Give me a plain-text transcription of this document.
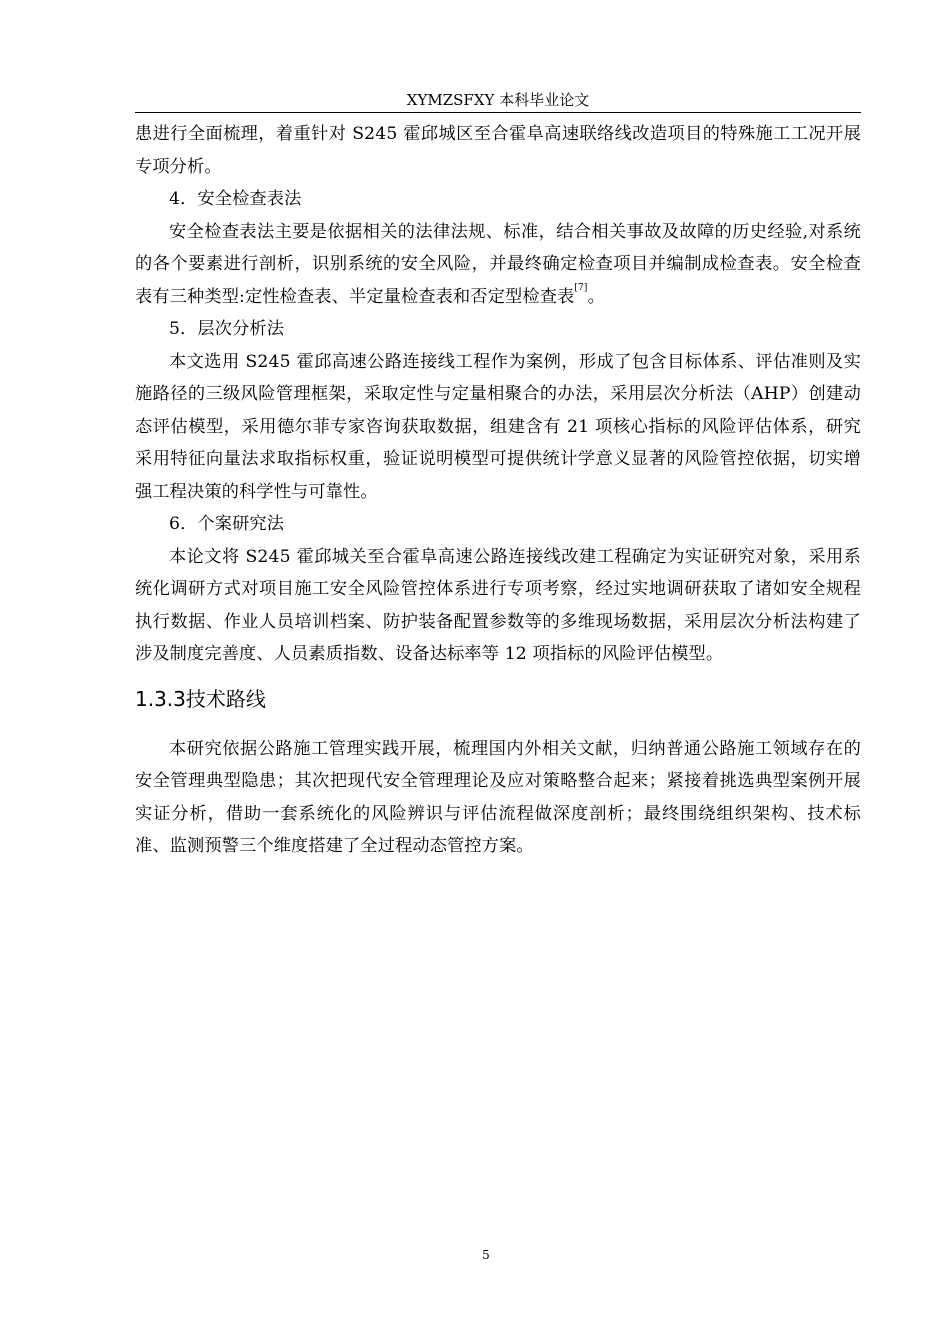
XYMZSFXY 本科毕业论文

患进行全面梳理，着重针对 S245 霍邱城区至合霍阜高速联络线改造项目的特殊施工工况开展专项分析。

4．安全检查表法

安全检查表法主要是依据相关的法律法规、标准，结合相关事故及故障的历史经验,对系统的各个要素进行剖析，识别系统的安全风险，并最终确定检查项目并编制成检查表。安全检查表有三种类型:定性检查表、半定量检查表和否定型检查表[7]。

5．层次分析法

本文选用 S245 霍邱高速公路连接线工程作为案例，形成了包含目标体系、评估准则及实施路径的三级风险管理框架，采取定性与定量相聚合的办法，采用层次分析法（AHP）创建动态评估模型，采用德尔菲专家咨询获取数据，组建含有 21 项核心指标的风险评估体系，研究采用特征向量法求取指标权重，验证说明模型可提供统计学意义显著的风险管控依据，切实增强工程决策的科学性与可靠性。

6．个案研究法

本论文将 S245 霍邱城关至合霍阜高速公路连接线改建工程确定为实证研究对象，采用系统化调研方式对项目施工安全风险管控体系进行专项考察，经过实地调研获取了诸如安全规程执行数据、作业人员培训档案、防护装备配置参数等的多维现场数据，采用层次分析法构建了涉及制度完善度、人员素质指数、设备达标率等 12 项指标的风险评估模型。

1.3.3技术路线

本研究依据公路施工管理实践开展，梳理国内外相关文献，归纳普通公路施工领域存在的安全管理典型隐患；其次把现代安全管理理论及应对策略整合起来；紧接着挑选典型案例开展实证分析，借助一套系统化的风险辨识与评估流程做深度剖析；最终围绕组织架构、技术标准、监测预警三个维度搭建了全过程动态管控方案。

5
